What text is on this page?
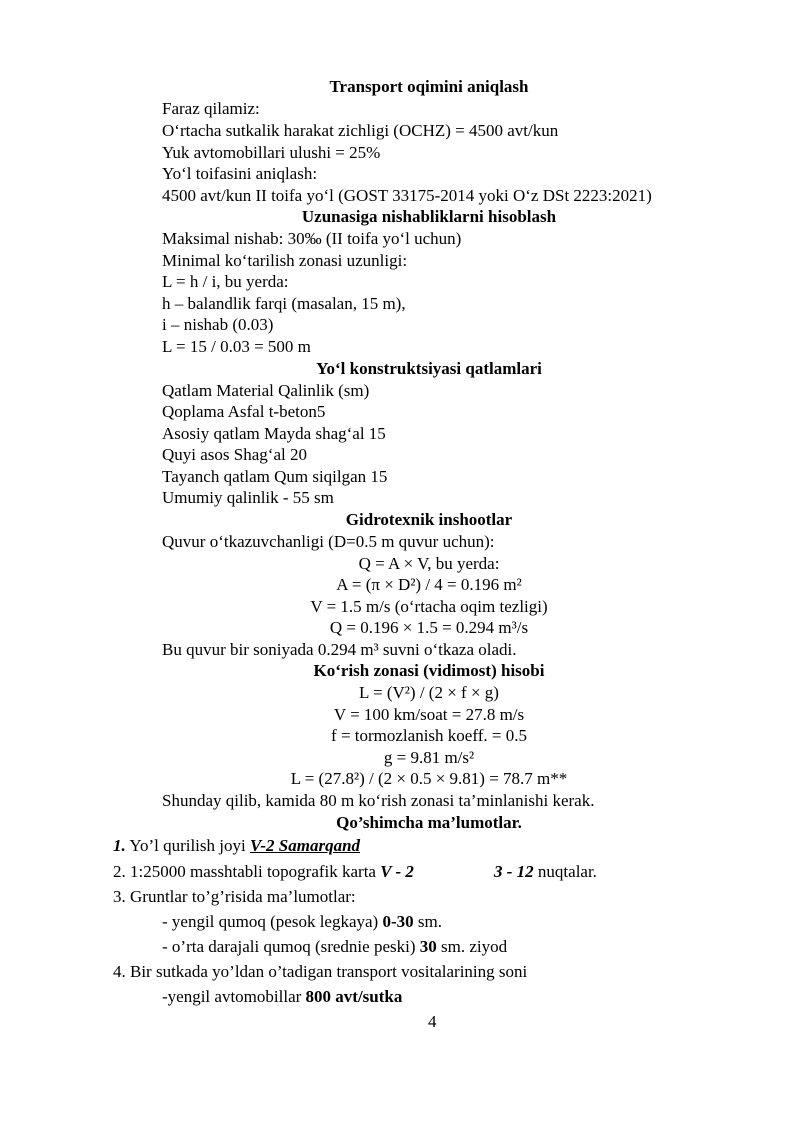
Transport oqimini aniqlash
Faraz qilamiz:
O‘rtacha sutkalik harakat zichligi (OCHZ) = 4500 avt/kun
Yuk avtomobillari ulushi = 25%
Yo‘l toifasini aniqlash:
4500 avt/kun II toifa yo‘l (GOST 33175-2014 yoki O‘z DSt 2223:2021)
Uzunasiga nishabliklarni hisoblash
Maksimal nishab: 30‰ (II toifa yo‘l uchun)
Minimal ko‘tarilish zonasi uzunligi:
L = h / i, bu yerda:
h – balandlik farqi (masalan, 15 m),
i – nishab (0.03)
L = 15 / 0.03 = 500 m
Yo‘l konstruktsiyasi qatlamlari
Qatlam Material Qalinlik (sm)
Qoplama Asfal t-beton5
Asosiy qatlam Mayda shag‘al 15
Quyi asos Shag‘al 20
Tayanch qatlam Qum siqilgan 15
Umumiy qalinlik - 55 sm
Gidrotexnik inshootlar
Quvur o‘tkazuvchanligi (D=0.5 m quvur uchun):
Q = A × V, bu yerda:
A = (π × D²) / 4 = 0.196 m²
V = 1.5 m/s (o‘rtacha oqim tezligi)
Q = 0.196 × 1.5 = 0.294 m³/s
Bu quvur bir soniyada 0.294 m³ suvni o‘tkaza oladi.
Ko‘rish zonasi (vidimost) hisobi
L = (V²) / (2 × f × g)
V = 100 km/soat = 27.8 m/s
f = tormozlanish koeff. = 0.5
g = 9.81 m/s²
L = (27.8²) / (2 × 0.5 × 9.81) = 78.7 m**
Shunday qilib, kamida 80 m ko‘rish zonasi ta’minlanishi kerak.
Qo’shimcha ma’lumotlar.
1. Yo’l qurilish joyi V-2 Samarqand
2. 1:25000 masshtabli topografik karta V - 2	3 - 12 nuqtalar.
3. Gruntlar to’g’risida ma’lumotlar:
- yengil qumoq (pesok legkaya) 0-30 sm.
- o’rta darajali qumoq (srednie peski) 30 sm. ziyod
4. Bir sutkada yo’ldan o’tadigan transport vositalarining soni
-yengil avtomobillar 800 avt/sutka
4
